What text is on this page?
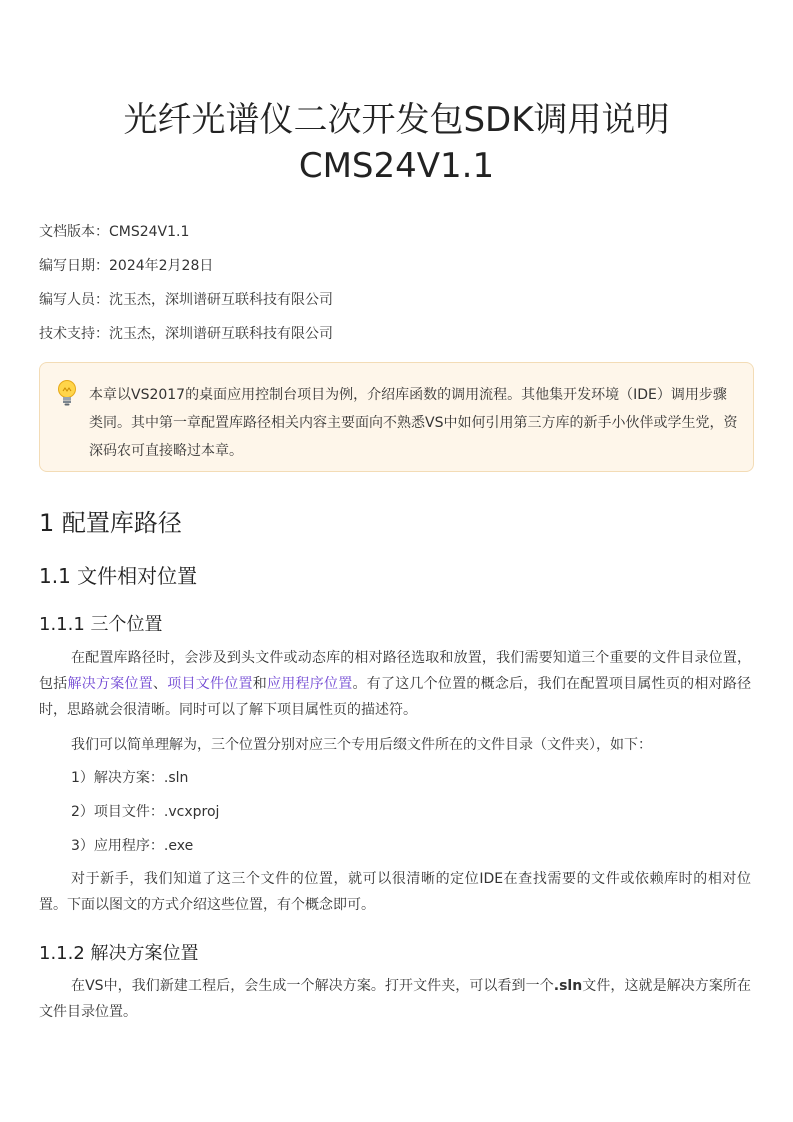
光纤光谱仪二次开发包SDK调用说明
CMS24V1.1
文档版本：CMS24V1.1
编写日期：2024年2月28日
编写人员：沈玉杰，深圳谱研互联科技有限公司
技术支持：沈玉杰，深圳谱研互联科技有限公司
本章以VS2017的桌面应用控制台项目为例，介绍库函数的调用流程。其他集开发环境（IDE）调用步骤类同。其中第一章配置库路径相关内容主要面向不熟悉VS中如何引用第三方库的新手小伙伴或学生党，资深码农可直接略过本章。
1 配置库路径
1.1 文件相对位置
1.1.1 三个位置
在配置库路径时，会涉及到头文件或动态库的相对路径选取和放置，我们需要知道三个重要的文件目录位置，包括解决方案位置、项目文件位置和应用程序位置。有了这几个位置的概念后，我们在配置项目属性页的相对路径时，思路就会很清晰。同时可以了解下项目属性页的描述符。
我们可以简单理解为，三个位置分别对应三个专用后缀文件所在的文件目录（文件夹），如下：
1）解决方案：.sln
2）项目文件：.vcxproj
3）应用程序：.exe
对于新手，我们知道了这三个文件的位置，就可以很清晰的定位IDE在查找需要的文件或依赖库时的相对位置。下面以图文的方式介绍这些位置，有个概念即可。
1.1.2 解决方案位置
在VS中，我们新建工程后，会生成一个解决方案。打开文件夹，可以看到一个.sln文件，这就是解决方案所在文件目录位置。
